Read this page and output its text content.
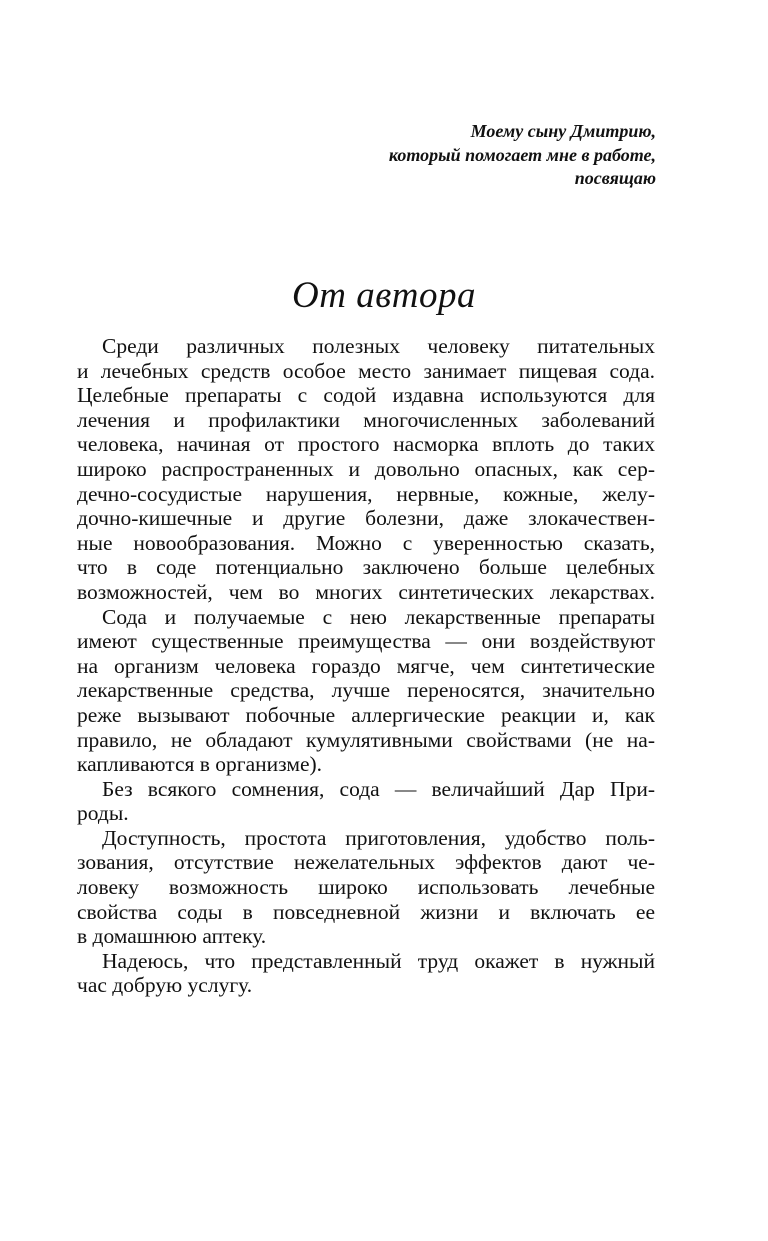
Моему сыну Дмитрию,
который помогает мне в работе,
посвящаю
От автора
Среди различных полезных человеку питательных
и лечебных средств особое место занимает пищевая сода.
Целебные препараты с содой издавна используются для
лечения и профилактики многочисленных заболеваний
человека, начиная от простого насморка вплоть до таких
широко распространенных и довольно опасных, как сер-
дечно-сосудистые нарушения, нервные, кожные, желу-
дочно-кишечные и другие болезни, даже злокачествен-
ные новообразования. Можно с уверенностью сказать,
что в соде потенциально заключено больше целебных
возможностей, чем во многих синтетических лекарствах.
Сода и получаемые с нею лекарственные препараты
имеют существенные преимущества — они воздействуют
на организм человека гораздо мягче, чем синтетические
лекарственные средства, лучше переносятся, значительно
реже вызывают побочные аллергические реакции и, как
правило, не обладают кумулятивными свойствами (не на-
капливаются в организме).
Без всякого сомнения, сода — величайший Дар При-
роды.
Доступность, простота приготовления, удобство поль-
зования, отсутствие нежелательных эффектов дают че-
ловеку возможность широко использовать лечебные
свойства соды в повседневной жизни и включать ее
в домашнюю аптеку.
Надеюсь, что представленный труд окажет в нужный
час добрую услугу.
